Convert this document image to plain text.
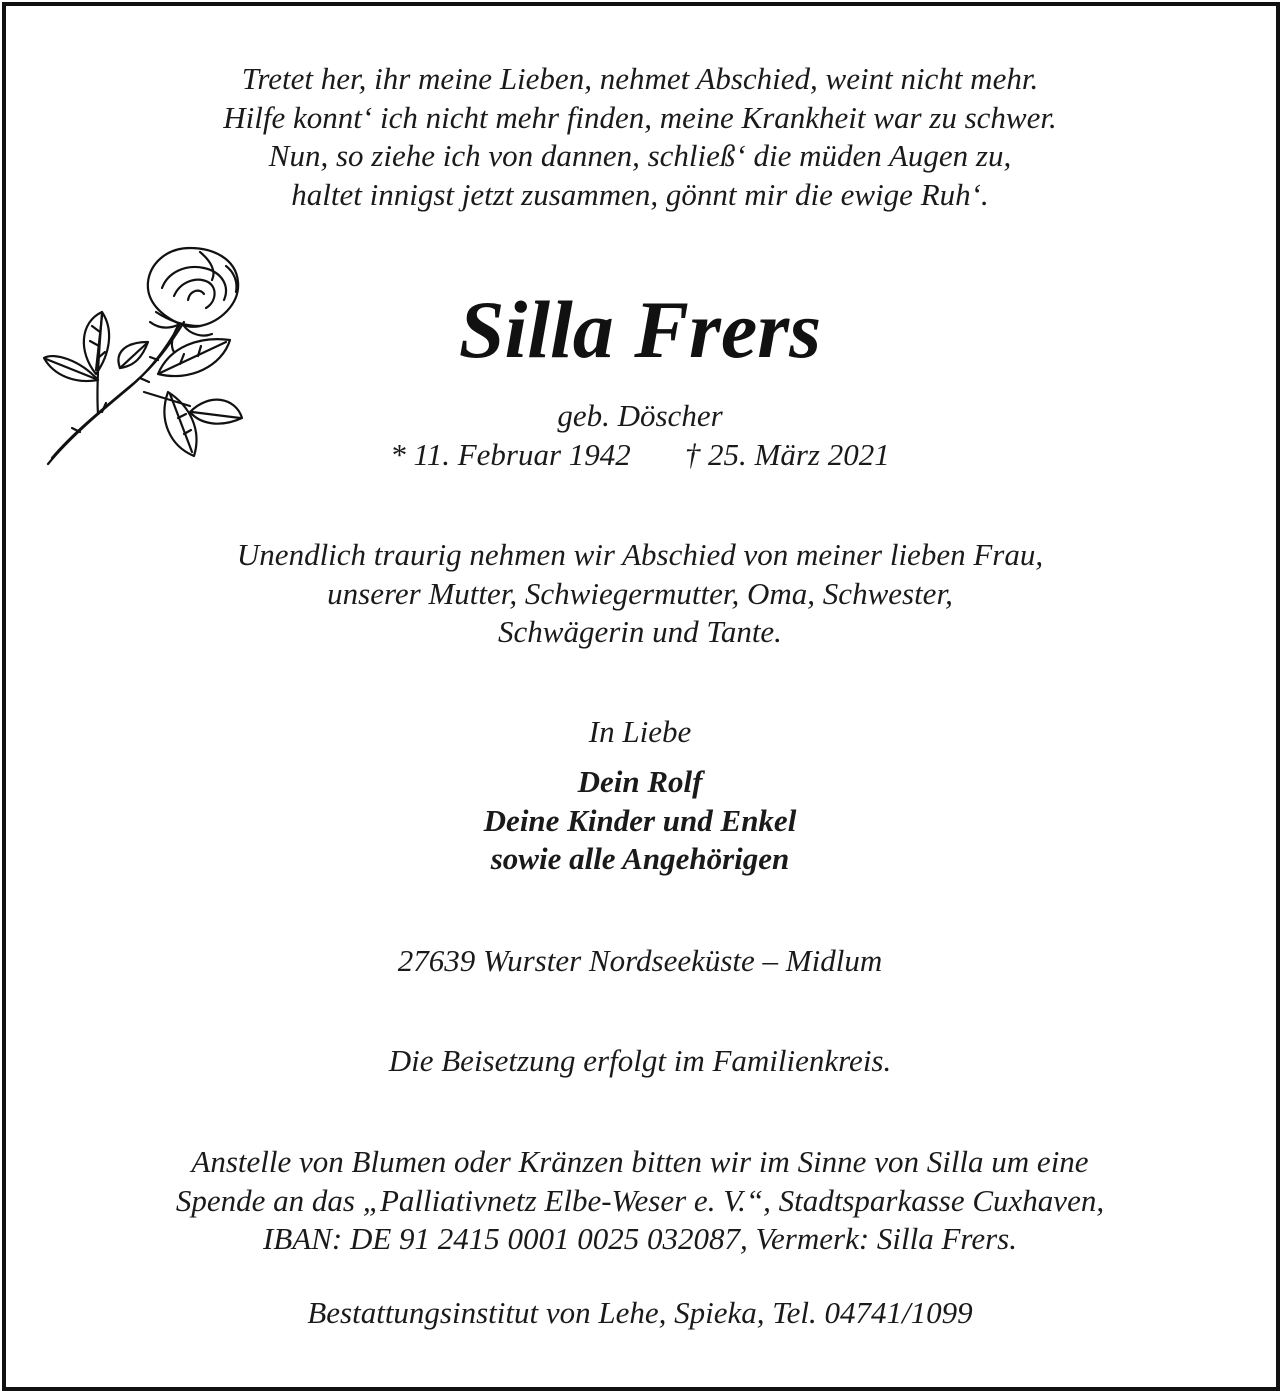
Tretet her, ihr meine Lieben, nehmet Abschied, weint nicht mehr.
Hilfe konnt‘ ich nicht mehr finden, meine Krankheit war zu schwer.
Nun, so ziehe ich von dannen, schließ‘ die müden Augen zu,
haltet innigst jetzt zusammen, gönnt mir die ewige Ruh‘.
Silla Frers
geb. Döscher
* 11. Februar 1942 † 25. März 2021
Unendlich traurig nehmen wir Abschied von meiner lieben Frau,
unserer Mutter, Schwiegermutter, Oma, Schwester,
Schwägerin und Tante.
In Liebe
Dein Rolf
Deine Kinder und Enkel
sowie alle Angehörigen
27639 Wurster Nordseeküste – Midlum
Die Beisetzung erfolgt im Familienkreis.
Anstelle von Blumen oder Kränzen bitten wir im Sinne von Silla um eine
Spende an das „Palliativnetz Elbe-Weser e. V.“, Stadtsparkasse Cuxhaven,
IBAN: DE 91 2415 0001 0025 032087, Vermerk: Silla Frers.
Bestattungsinstitut von Lehe, Spieka, Tel. 04741/1099
